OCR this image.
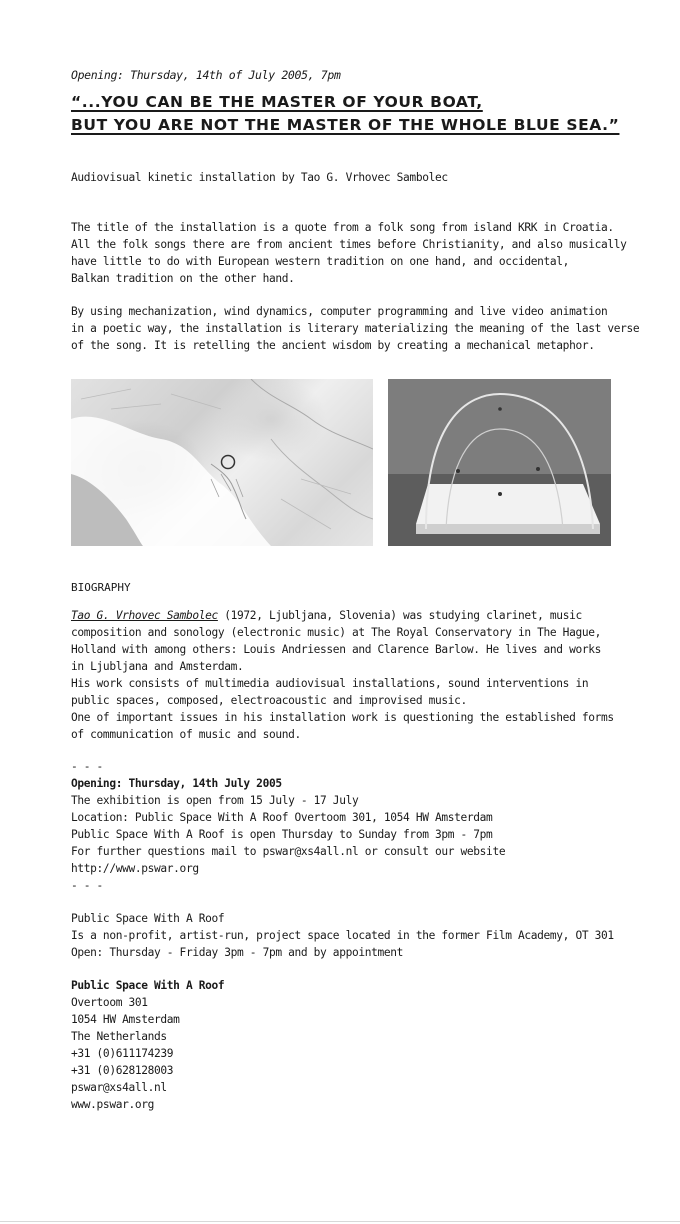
Opening: Thursday, 14th of July 2005, 7pm
“...YOU CAN BE THE MASTER OF YOUR BOAT,
BUT YOU ARE NOT THE MASTER OF THE WHOLE BLUE SEA.”
Audiovisual kinetic installation by Tao G. Vrhovec Sambolec
The title of the installation is a quote from a folk song from island KRK in Croatia.
All the folk songs there are from ancient times before Christianity, and also musically
have little to do with European western tradition on one hand, and occidental,
Balkan tradition on the other hand.
By using mechanization, wind dynamics, computer programming and live video animation
in a poetic way, the installation is literary materializing the meaning of the last verse
of the song. It is retelling the ancient wisdom by creating a mechanical metaphor.
BIOGRAPHY
Tao G. Vrhovec Sambolec (1972, Ljubljana, Slovenia) was studying clarinet, music
composition and sonology (electronic music) at The Royal Conservatory in The Hague,
Holland with among others: Louis Andriessen and Clarence Barlow. He lives and works
in Ljubljana and Amsterdam.
His work consists of multimedia audiovisual installations, sound interventions in
public spaces, composed, electroacoustic and improvised music.
One of important issues in his installation work is questioning the established forms
of communication of music and sound.
- - -
Opening: Thursday, 14th July 2005
The exhibition is open from 15 July - 17 July
Location: Public Space With A Roof Overtoom 301, 1054 HW Amsterdam
Public Space With A Roof is open Thursday to Sunday from 3pm - 7pm
For further questions mail to pswar@xs4all.nl or consult our website
http://www.pswar.org
- - -
Public Space With A Roof
Is a non-profit, artist-run, project space located in the former Film Academy, OT 301
Open: Thursday - Friday 3pm - 7pm and by appointment
Public Space With A Roof
Overtoom 301
1054 HW Amsterdam
The Netherlands
+31 (0)611174239
+31 (0)628128003
pswar@xs4all.nl
www.pswar.org
